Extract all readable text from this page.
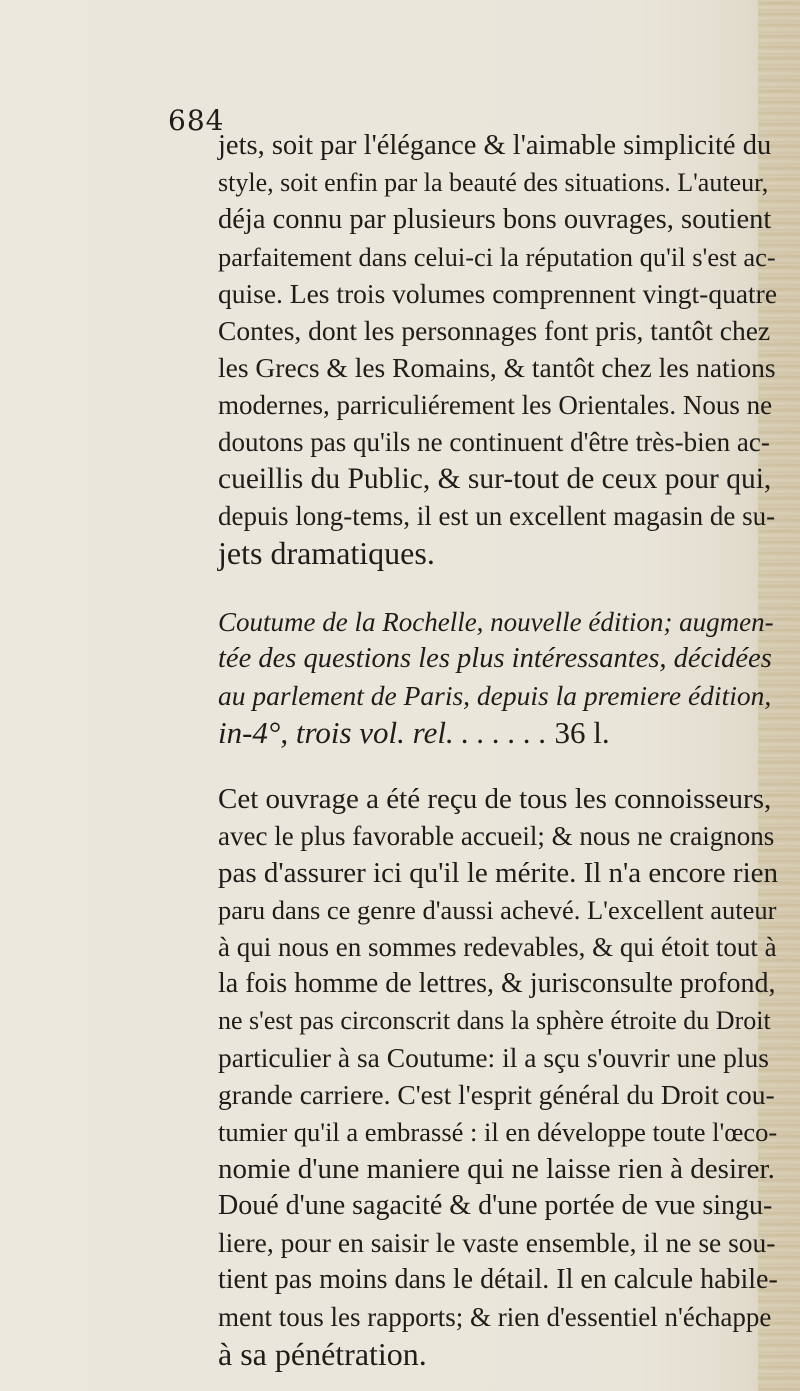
684
jets, soit par l'élégance & l'aimable simplicité du
style, soit enfin par la beauté des situations. L'auteur,
déja connu par plusieurs bons ouvrages, soutient
parfaitement dans celui-ci la réputation qu'il s'est ac-
quise. Les trois volumes comprennent vingt-quatre
Contes, dont les personnages font pris, tantôt chez
les Grecs & les Romains, & tantôt chez les nations
modernes, parriculiérement les Orientales. Nous ne
doutons pas qu'ils ne continuent d'être très-bien ac-
cueillis du Public, & sur-tout de ceux pour qui,
depuis long-tems, il est un excellent magasin de su-
jets dramatiques.
Coutume de la Rochelle, nouvelle édition; augmen-
tée des questions les plus intéressantes, décidées
au parlement de Paris, depuis la premiere édition,
in-4°, trois vol. rel. . . . . . . 36 l.
Cet ouvrage a été reçu de tous les connoisseurs,
avec le plus favorable accueil; & nous ne craignons
pas d'assurer ici qu'il le mérite. Il n'a encore rien
paru dans ce genre d'aussi achevé. L'excellent auteur
à qui nous en sommes redevables, & qui étoit tout à
la fois homme de lettres, & jurisconsulte profond,
ne s'est pas circonscrit dans la sphère étroite du Droit
particulier à sa Coutume: il a sçu s'ouvrir une plus
grande carriere. C'est l'esprit général du Droit cou-
tumier qu'il a embrassé : il en développe toute l'œco-
nomie d'une maniere qui ne laisse rien à desirer.
Doué d'une sagacité & d'une portée de vue singu-
liere, pour en saisir le vaste ensemble, il ne se sou-
tient pas moins dans le détail. Il en calcule habile-
ment tous les rapports; & rien d'essentiel n'échappe
à sa pénétration.
